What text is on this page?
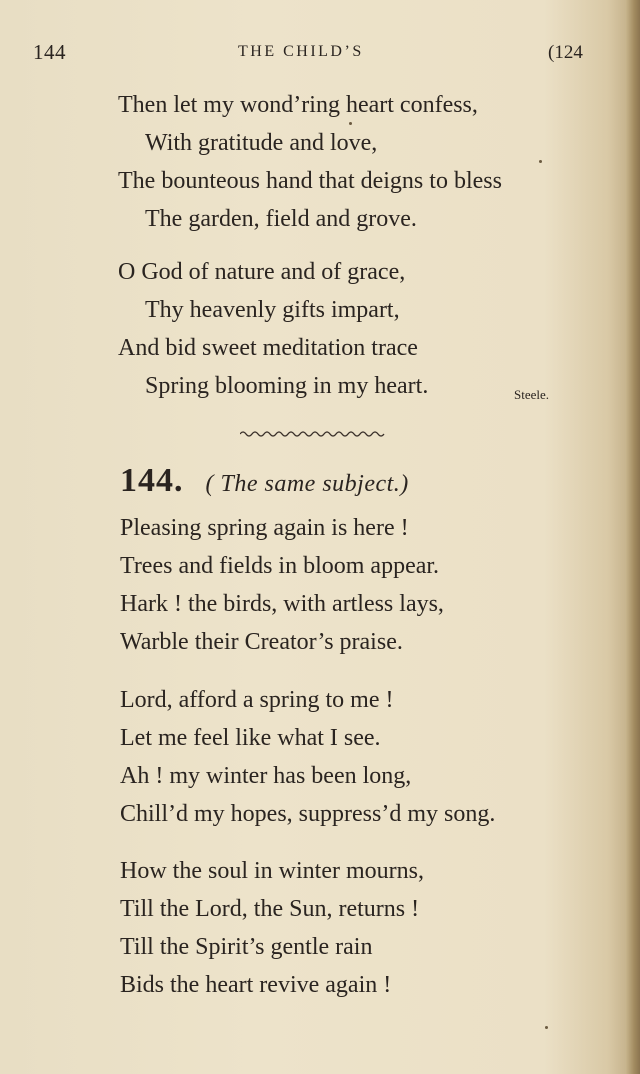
144	THE CHILD’S	(124
Then let my wond’ring heart confess,
With gratitude and love,
The bounteous hand that deigns to bless
The garden, field and grove.
O God of nature and of grace,
Thy heavenly gifts impart,
And bid sweet meditation trace
Spring blooming in my heart.	Steele.
144. ( The same subject.)
Pleasing spring again is here !
Trees and fields in bloom appear.
Hark ! the birds, with artless lays,
Warble their Creator’s praise.
Lord, afford a spring to me !
Let me feel like what I see.
Ah ! my winter has been long,
Chill’d my hopes, suppress’d my song.
How the soul in winter mourns,
Till the Lord, the Sun, returns !
Till the Spirit’s gentle rain
Bids the heart revive again !
